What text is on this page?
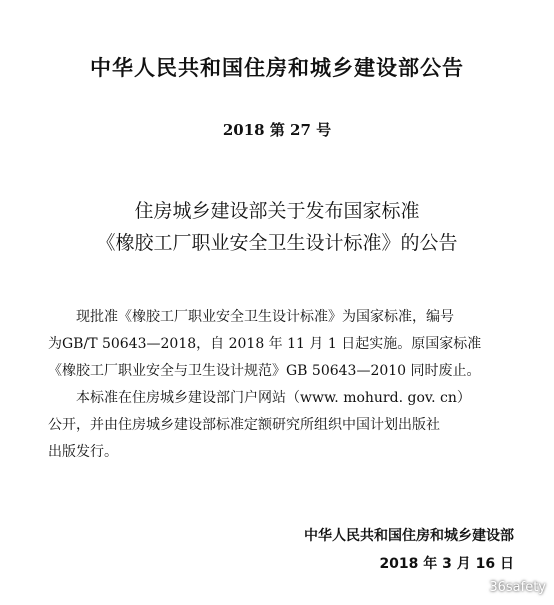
中华人民共和国住房和城乡建设部公告
2018 第 27 号
住房城乡建设部关于发布国家标准
《橡胶工厂职业安全卫生设计标准》的公告
现批准《橡胶工厂职业安全卫生设计标准》为国家标准，编号
为GB/T 50643—2018，自 2018 年 11 月 1 日起实施。原国家标准
《橡胶工厂职业安全与卫生设计规范》GB 50643—2010 同时废止。
本标准在住房城乡建设部门户网站（www. mohurd. gov. cn）
公开，并由住房城乡建设部标准定额研究所组织中国计划出版社
出版发行。
中华人民共和国住房和城乡建设部
2018 年 3 月 16 日
36safety
